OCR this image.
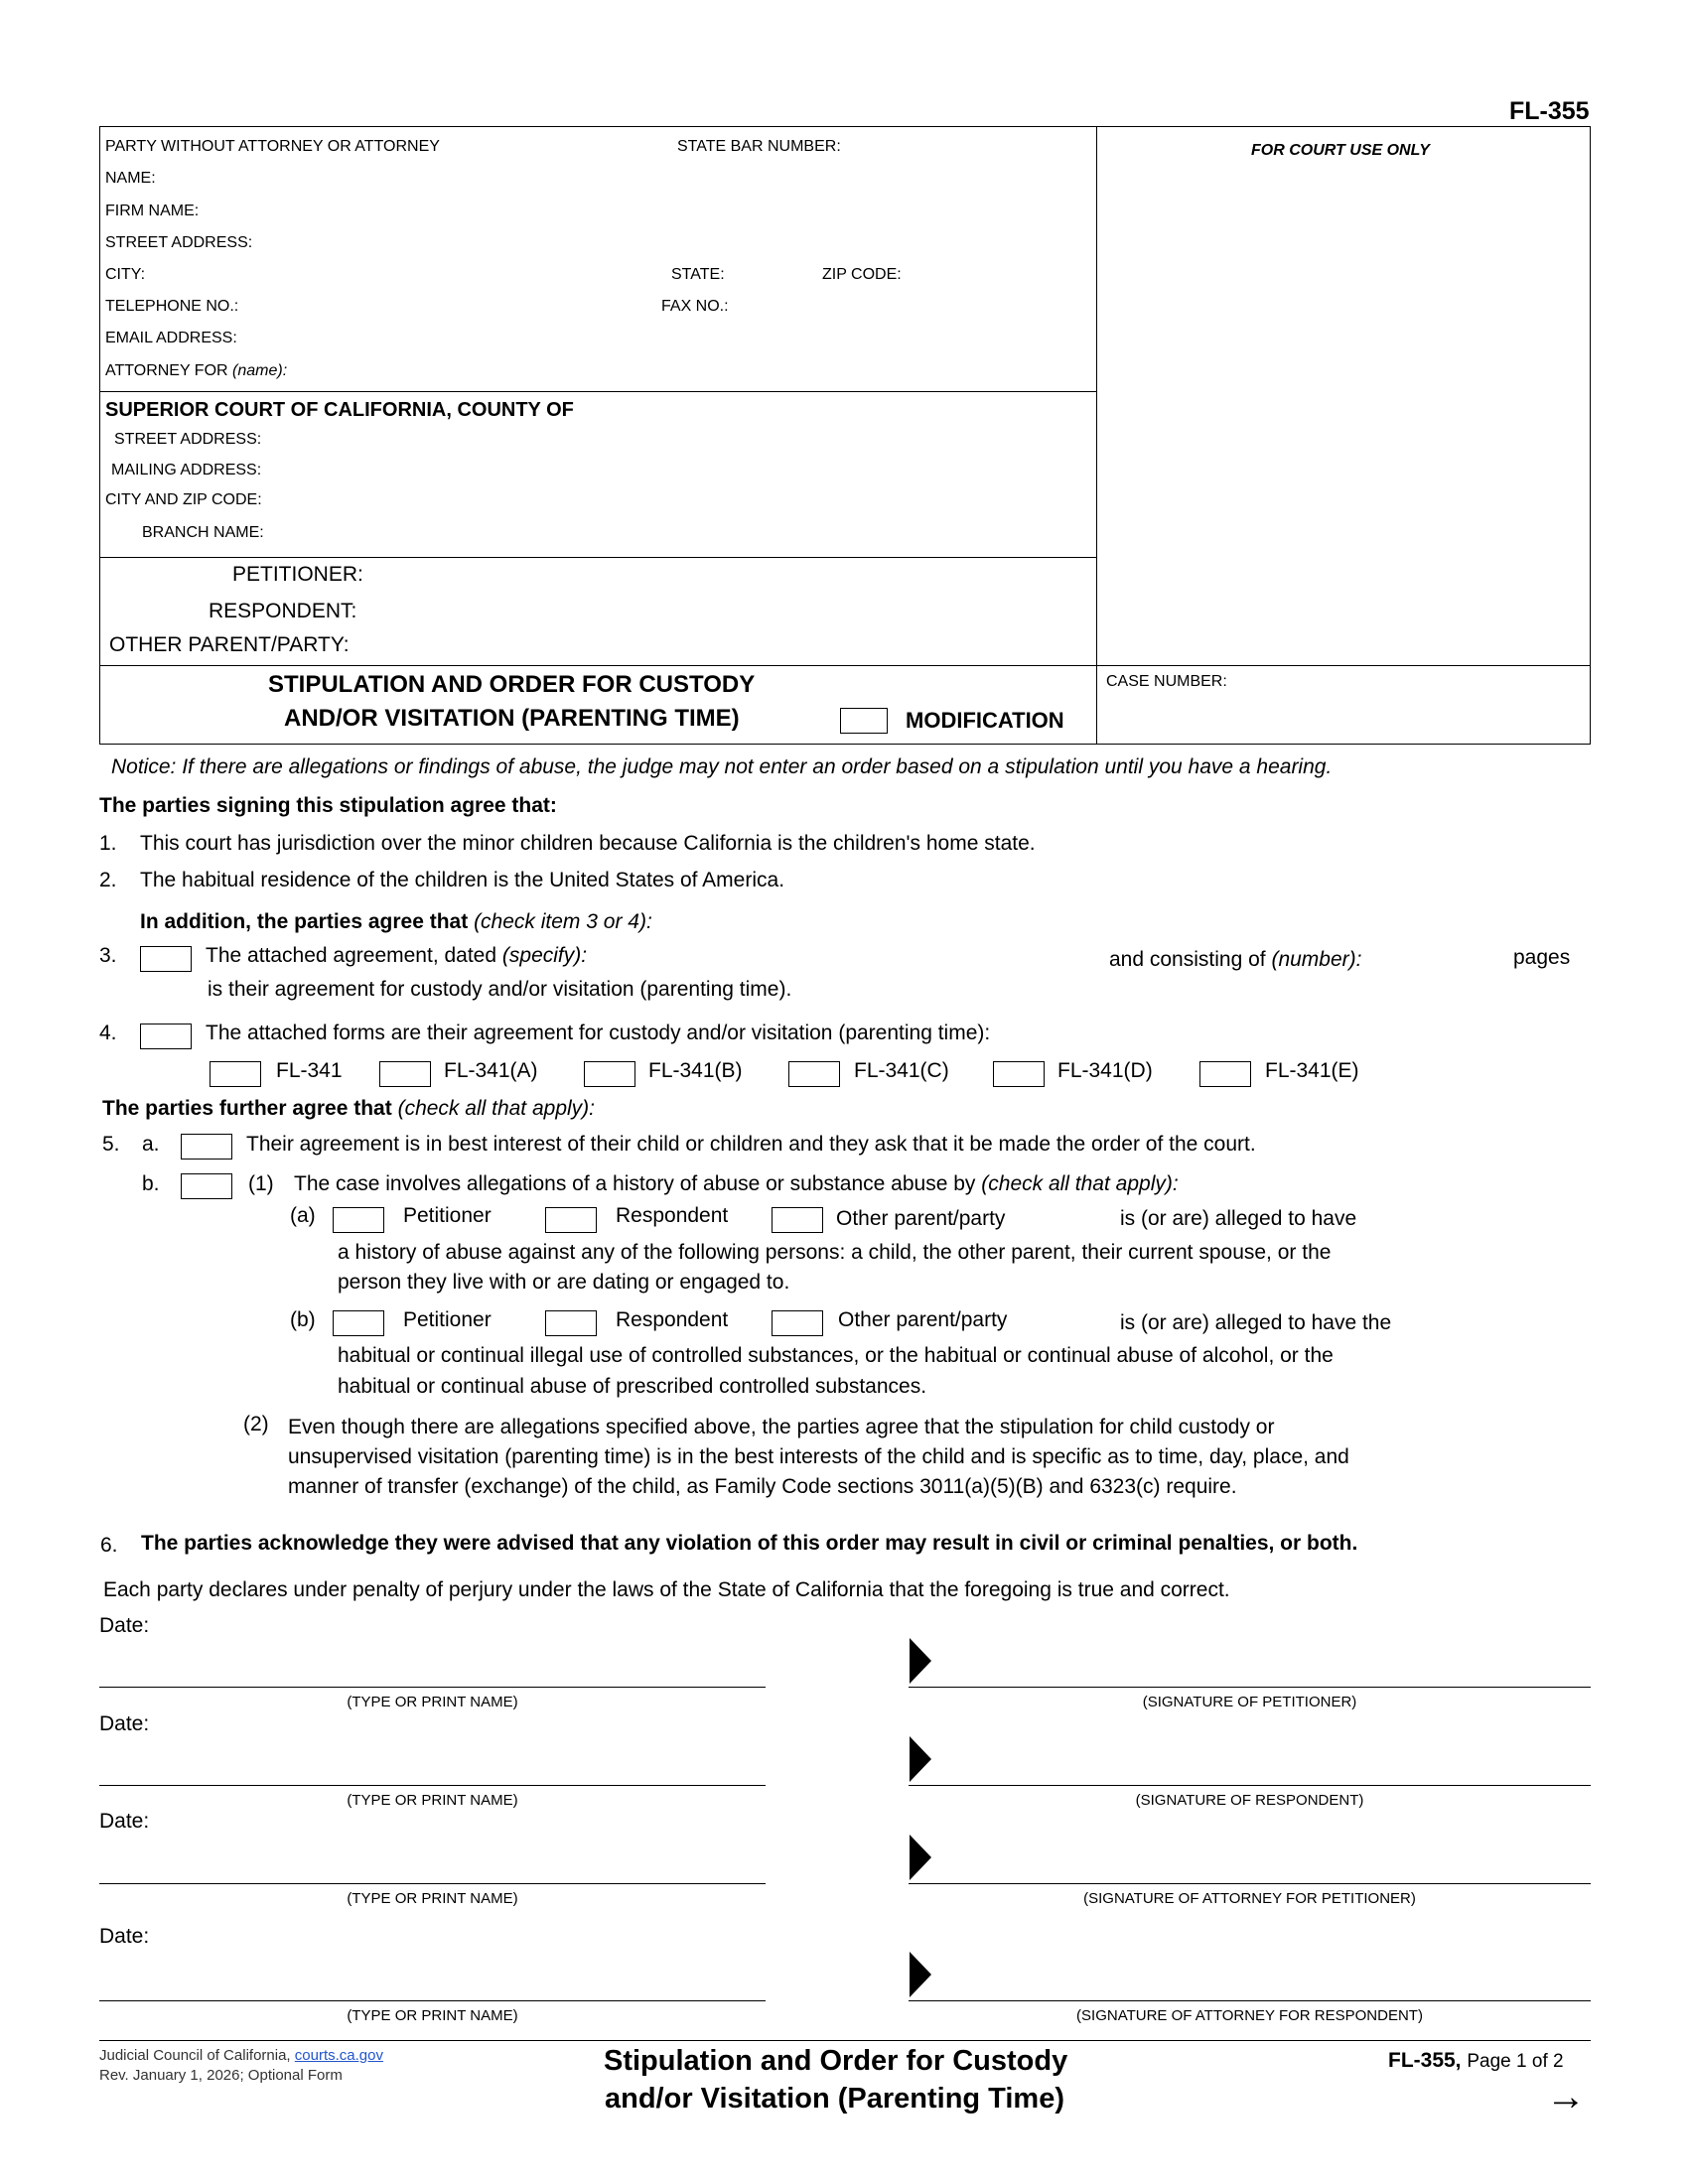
FL-355
PARTY WITHOUT ATTORNEY OR ATTORNEY	STATE BAR NUMBER:	FOR COURT USE ONLY
NAME:
FIRM NAME:
STREET ADDRESS:
CITY:	STATE:	ZIP CODE:
TELEPHONE NO.:	FAX NO.:
EMAIL ADDRESS:
ATTORNEY FOR (name):
SUPERIOR COURT OF CALIFORNIA, COUNTY OF
STREET ADDRESS:
MAILING ADDRESS:
CITY AND ZIP CODE:
BRANCH NAME:
PETITIONER:
RESPONDENT:
OTHER PARENT/PARTY:
STIPULATION AND ORDER FOR CUSTODY
AND/OR VISITATION (PARENTING TIME)	MODIFICATION
CASE NUMBER:
Notice: If there are allegations or findings of abuse, the judge may not enter an order based on a stipulation until you have a hearing.
The parties signing this stipulation agree that:
1. This court has jurisdiction over the minor children because California is the children's home state.
2. The habitual residence of the children is the United States of America.
In addition, the parties agree that (check item 3 or 4):
3.	The attached agreement, dated (specify):	and consisting of (number):	pages
is their agreement for custody and/or visitation (parenting time).
4.	The attached forms are their agreement for custody and/or visitation (parenting time):
FL-341	FL-341(A)	FL-341(B)	FL-341(C)	FL-341(D)	FL-341(E)
The parties further agree that (check all that apply):
5. a.	Their agreement is in best interest of their child or children and they ask that it be made the order of the court.
b.	(1) The case involves allegations of a history of abuse or substance abuse by (check all that apply):
(a)	Petitioner	Respondent	Other parent/party	is (or are) alleged to have
a history of abuse against any of the following persons: a child, the other parent, their current spouse, or the
person they live with or are dating or engaged to.
(b)	Petitioner	Respondent	Other parent/party	is (or are) alleged to have the
habitual or continual illegal use of controlled substances, or the habitual or continual abuse of alcohol, or the
habitual or continual abuse of prescribed controlled substances.
(2) Even though there are allegations specified above, the parties agree that the stipulation for child custody or
unsupervised visitation (parenting time) is in the best interests of the child and is specific as to time, day, place, and
manner of transfer (exchange) of the child, as Family Code sections 3011(a)(5)(B) and 6323(c) require.
6. The parties acknowledge they were advised that any violation of this order may result in civil or criminal penalties, or both.
Each party declares under penalty of perjury under the laws of the State of California that the foregoing is true and correct.
Date:
(TYPE OR PRINT NAME)	(SIGNATURE OF PETITIONER)
Date:
(TYPE OR PRINT NAME)	(SIGNATURE OF RESPONDENT)
Date:
(TYPE OR PRINT NAME)	(SIGNATURE OF ATTORNEY FOR PETITIONER)
Date:
(TYPE OR PRINT NAME)	(SIGNATURE OF ATTORNEY FOR RESPONDENT)
Judicial Council of California, courts.ca.gov
Rev. January 1, 2026; Optional Form	Stipulation and Order for Custody
and/or Visitation (Parenting Time)
FL-355, Page 1 of 2
→
